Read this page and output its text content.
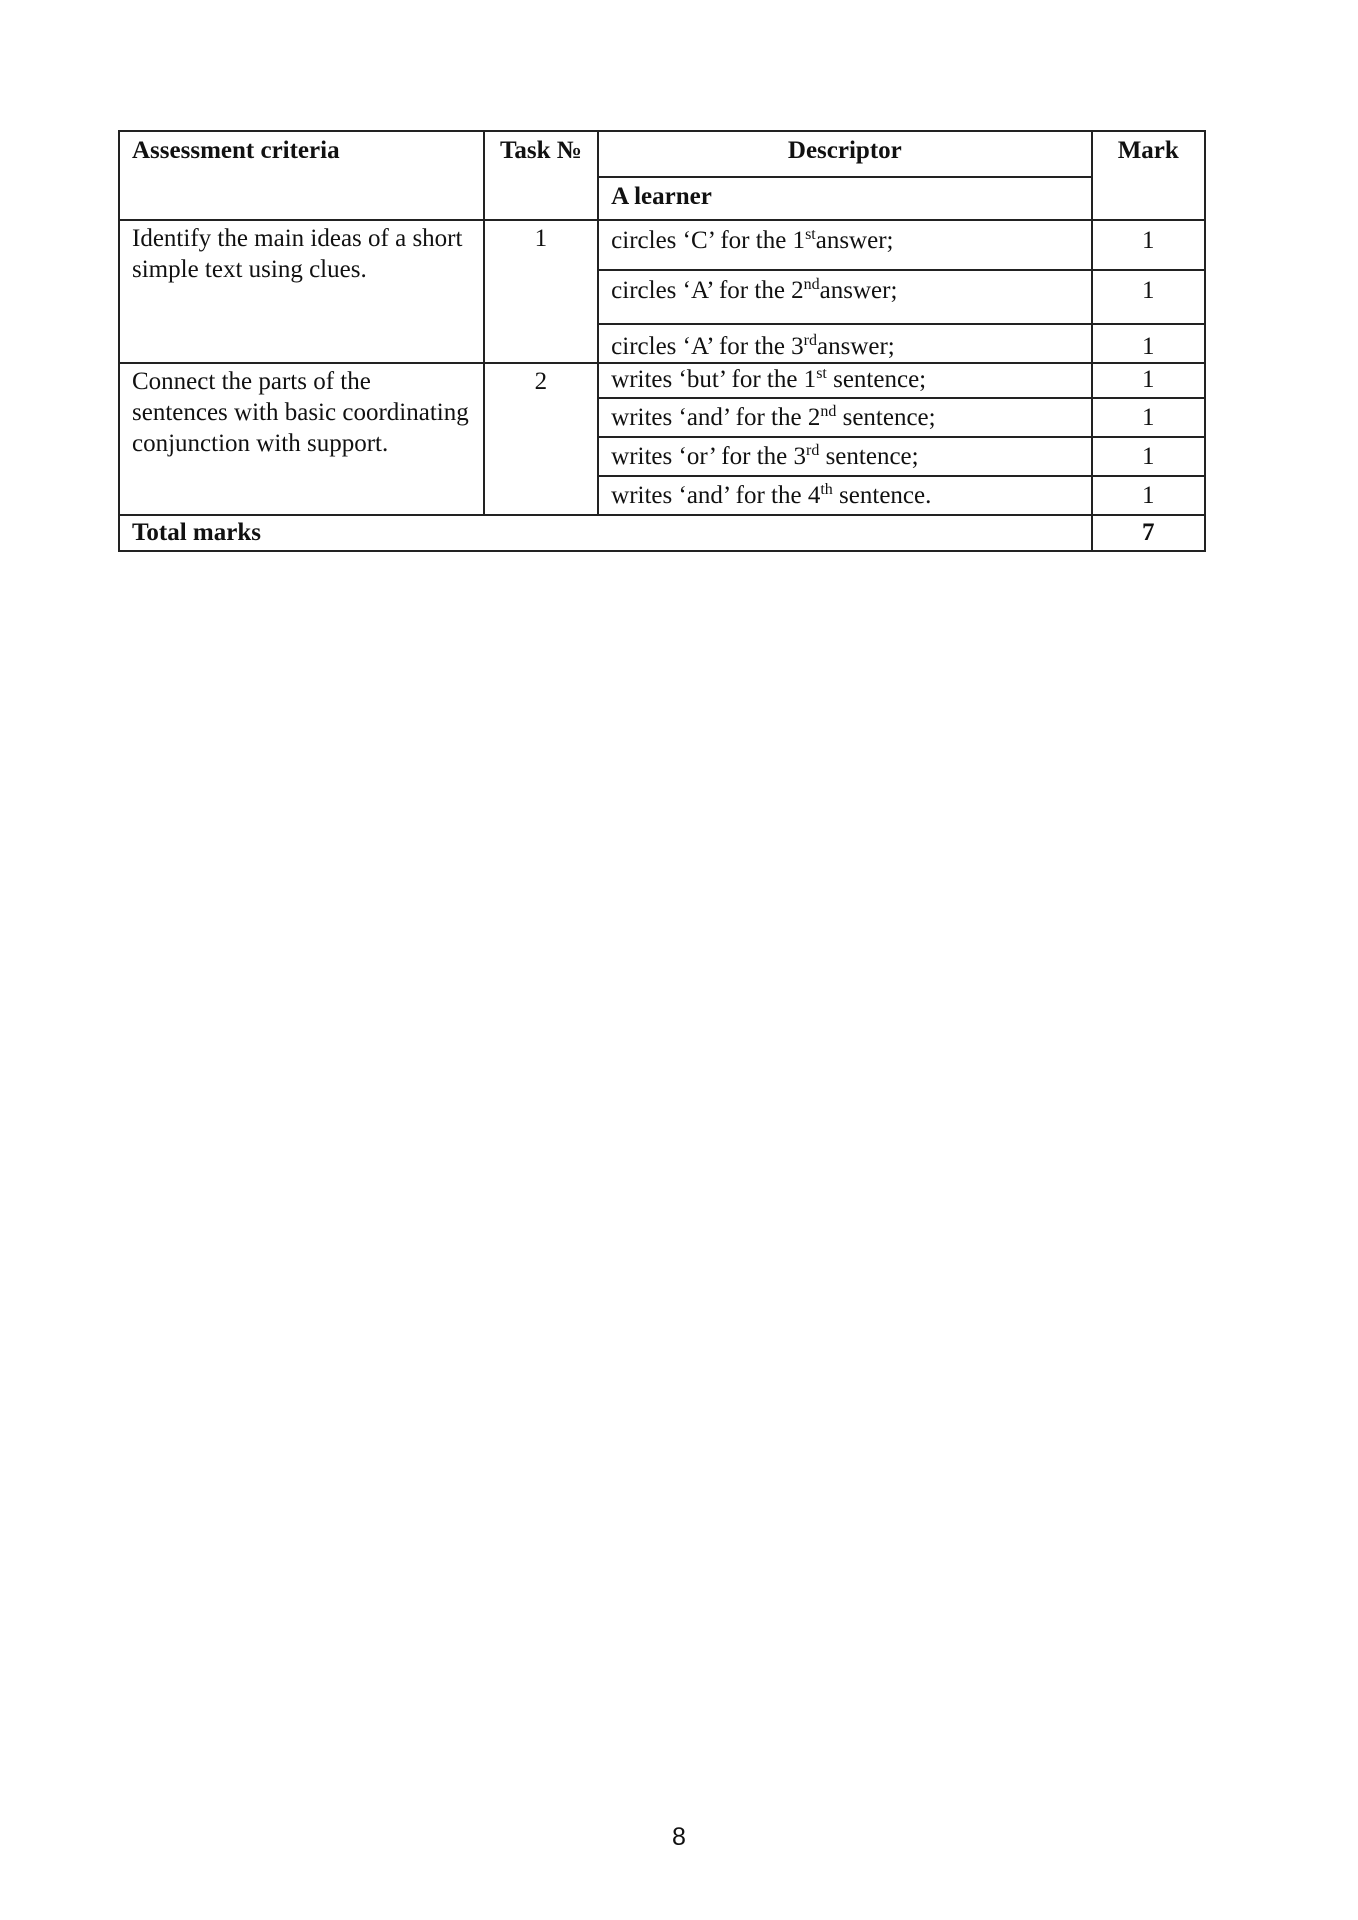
Assessment criteria	Task №	Descriptor	Mark
		A learner	
Identify the main ideas of a short simple text using clues.	1	circles ‘C’ for the 1stanswer;	1
		circles ‘A’ for the 2ndanswer;	1
		circles ‘A’ for the 3rdanswer;	1
Connect the parts of the sentences with basic coordinating conjunction with support.	2	writes ‘but’ for the 1st sentence;	1
		writes ‘and’ for the 2nd sentence;	1
		writes ‘or’ for the 3rd sentence;	1
		writes ‘and’ for the 4th sentence.	1
Total marks			7
8
